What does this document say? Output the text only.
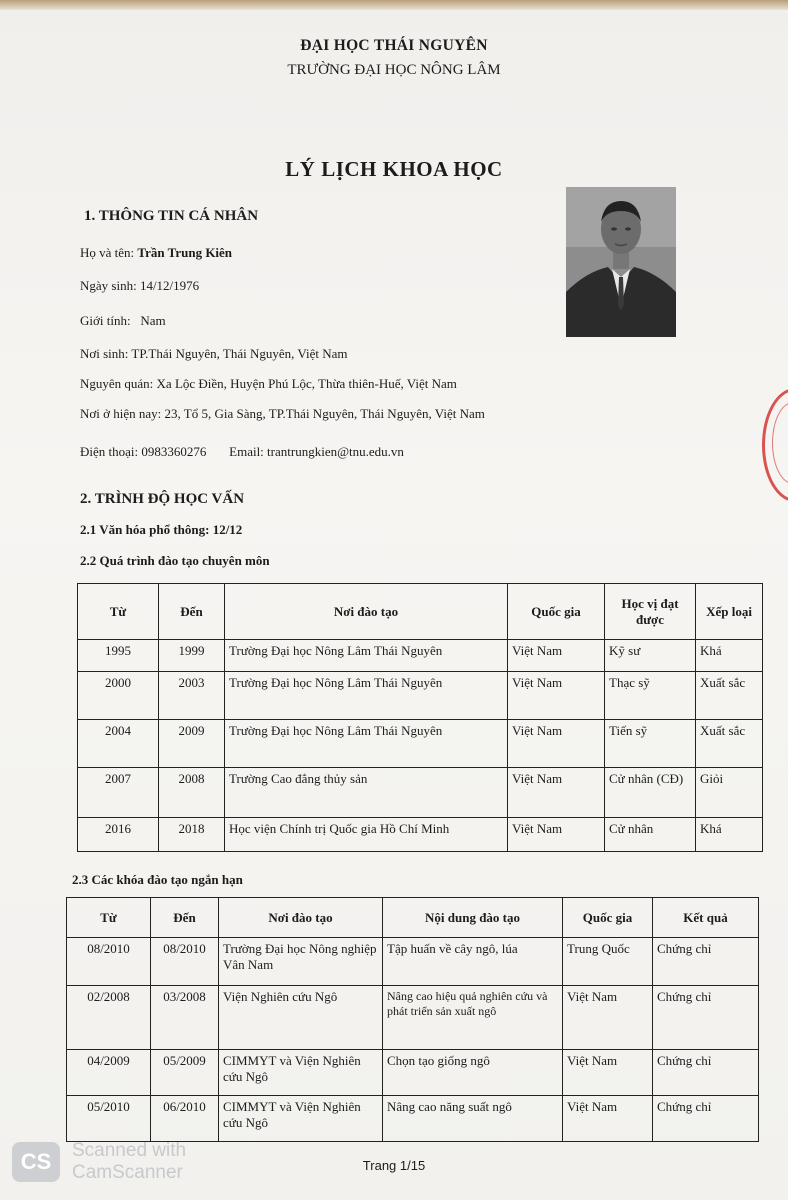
ĐẠI HỌC THÁI NGUYÊN
TRƯỜNG ĐẠI HỌC NÔNG LÂM
LÝ LỊCH KHOA HỌC
1. THÔNG TIN CÁ NHÂN
Họ và tên: Trần Trung Kiên
Ngày sinh: 14/12/1976
Giới tính: Nam
Nơi sinh: TP.Thái Nguyên, Thái Nguyên, Việt Nam
Nguyên quán: Xa Lộc Điền, Huyện Phú Lộc, Thừa thiên-Huế, Việt Nam
Nơi ở hiện nay: 23, Tổ 5, Gia Sàng, TP.Thái Nguyên, Thái Nguyên, Việt Nam
Điện thoại: 0983360276 Email: trantrungkien@tnu.edu.vn
2. TRÌNH ĐỘ HỌC VẤN
2.1 Văn hóa phổ thông: 12/12
2.2 Quá trình đào tạo chuyên môn
Từ	Đến	Nơi đào tạo	Quốc gia	Học vị đạt được	Xếp loại
1995	1999	Trường Đại học Nông Lâm Thái Nguyên	Việt Nam	Kỹ sư	Khá
2000	2003	Trường Đại học Nông Lâm Thái Nguyên	Việt Nam	Thạc sỹ	Xuất sắc
2004	2009	Trường Đại học Nông Lâm Thái Nguyên	Việt Nam	Tiến sỹ	Xuất sắc
2007	2008	Trường Cao đẳng thủy sản	Việt Nam	Cử nhân (CĐ)	Giỏi
2016	2018	Học viện Chính trị Quốc gia Hồ Chí Minh	Việt Nam	Cử nhân	Khá
2.3 Các khóa đào tạo ngắn hạn
Từ	Đến	Nơi đào tạo	Nội dung đào tạo	Quốc gia	Kết quả
08/2010	08/2010	Trường Đại học Nông nghiệp Vân Nam	Tập huấn về cây ngô, lúa	Trung Quốc	Chứng chỉ
02/2008	03/2008	Viện Nghiên cứu Ngô	Nâng cao hiệu quả nghiên cứu và phát triển sản xuất ngô	Việt Nam	Chứng chỉ
04/2009	05/2009	CIMMYT và Viện Nghiên cứu Ngô	Chọn tạo giống ngô	Việt Nam	Chứng chỉ
05/2010	06/2010	CIMMYT và Viện Nghiên cứu Ngô	Nâng cao năng suất ngô	Việt Nam	Chứng chỉ
CS	Scanned with
CamScanner	Trang 1/15
